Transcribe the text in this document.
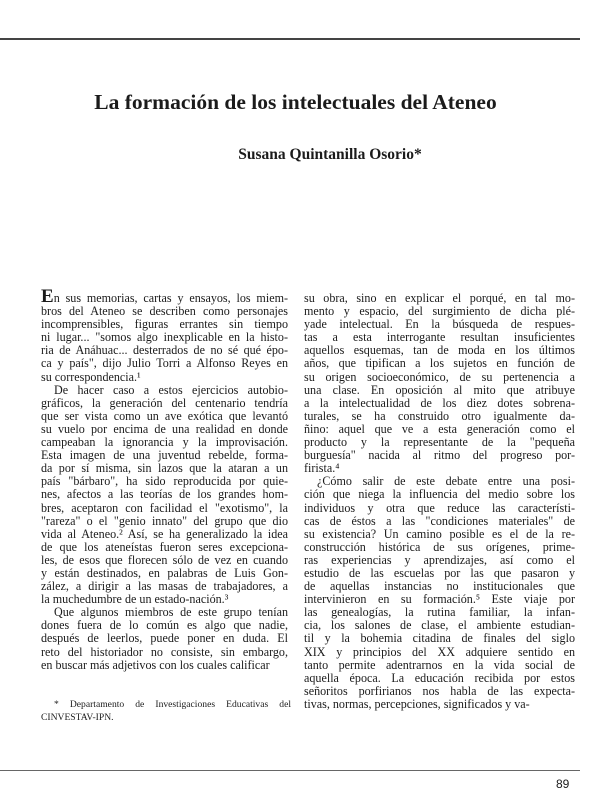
La formación de los intelectuales del Ateneo
Susana Quintanilla Osorio*
En sus memorias, cartas y ensayos, los miem-
bros del Ateneo se describen como personajes
incomprensibles, figuras errantes sin tiempo
ni lugar... "somos algo inexplicable en la histo-
ria de Anáhuac... desterrados de no sé qué épo-
ca y país", dijo Julio Torri a Alfonso Reyes en
su correspondencia.¹
De hacer caso a estos ejercicios autobio-
gráficos, la generación del centenario tendría
que ser vista como un ave exótica que levantó
su vuelo por encima de una realidad en donde
campeaban la ignorancia y la improvisación.
Esta imagen de una juventud rebelde, forma-
da por sí misma, sin lazos que la ataran a un
país "bárbaro", ha sido reproducida por quie-
nes, afectos a las teorías de los grandes hom-
bres, aceptaron con facilidad el "exotismo", la
"rareza" o el "genio innato" del grupo que dio
vida al Ateneo.² Así, se ha generalizado la idea
de que los ateneístas fueron seres excepciona-
les, de esos que florecen sólo de vez en cuando
y están destinados, en palabras de Luis Gon-
zález, a dirigir a las masas de trabajadores, a
la muchedumbre de un estado-nación.³
Que algunos miembros de este grupo tenían
dones fuera de lo común es algo que nadie,
después de leerlos, puede poner en duda. El
reto del historiador no consiste, sin embargo,
en buscar más adjetivos con los cuales calificar
su obra, sino en explicar el porqué, en tal mo-
mento y espacio, del surgimiento de dicha plé-
yade intelectual. En la búsqueda de respues-
tas a esta interrogante resultan insuficientes
aquellos esquemas, tan de moda en los últimos
años, que tipifican a los sujetos en función de
su origen socioeconómico, de su pertenencia a
una clase. En oposición al mito que atribuye
a la intelectualidad de los diez dotes sobrena-
turales, se ha construido otro igualmente da-
ñino: aquel que ve a esta generación como el
producto y la representante de la "pequeña
burguesía" nacida al ritmo del progreso por-
firista.⁴
¿Cómo salir de este debate entre una posi-
ción que niega la influencia del medio sobre los
individuos y otra que reduce las característi-
cas de éstos a las "condiciones materiales" de
su existencia? Un camino posible es el de la re-
construcción histórica de sus orígenes, prime-
ras experiencias y aprendizajes, así como el
estudio de las escuelas por las que pasaron y
de aquellas instancias no institucionales que
intervinieron en su formación.⁵ Este viaje por
las genealogías, la rutina familiar, la infan-
cia, los salones de clase, el ambiente estudian-
til y la bohemia citadina de finales del siglo
XIX y principios del XX adquiere sentido en
tanto permite adentrarnos en la vida social de
aquella época. La educación recibida por estos
señoritos porfirianos nos habla de las expecta-
tivas, normas, percepciones, significados y va-
* Departamento de Investigaciones Educativas del
CINVESTAV-IPN.
89
